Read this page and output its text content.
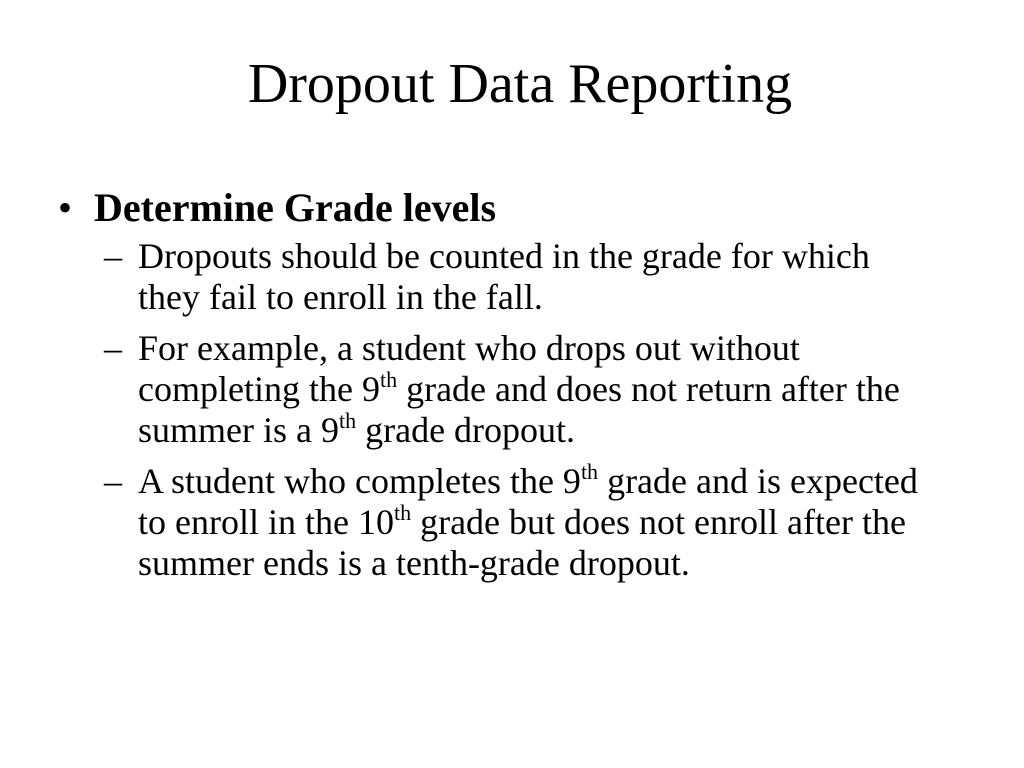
Dropout Data Reporting
• Determine Grade levels
– Dropouts should be counted in the grade for which they fail to enroll in the fall.
– For example, a student who drops out without completing the 9th grade and does not return after the summer is a 9th grade dropout.
– A student who completes the 9th grade and is expected to enroll in the 10th grade but does not enroll after the summer ends is a tenth-grade dropout.
